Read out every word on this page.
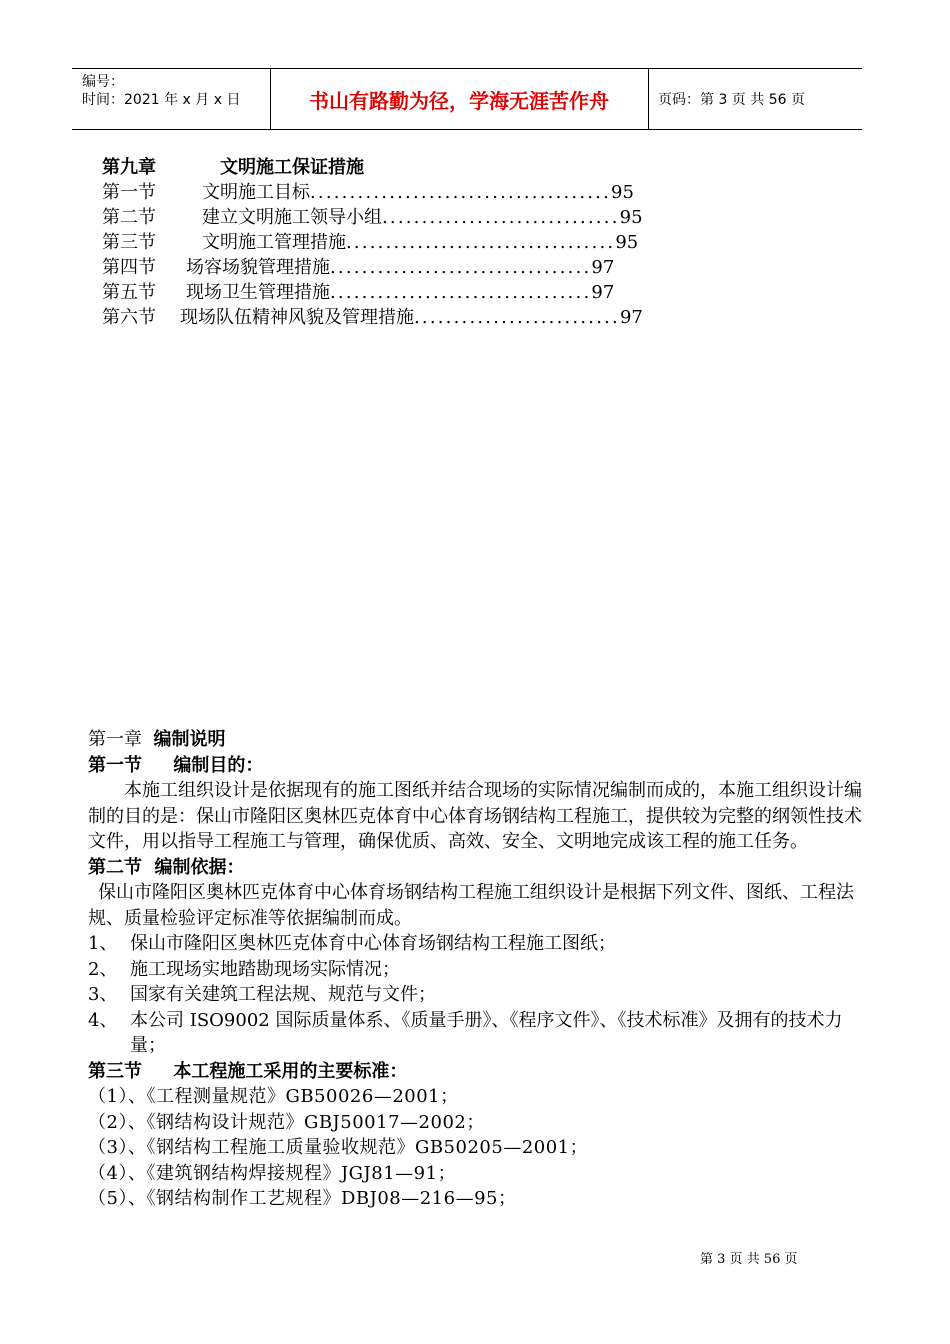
编号：
时间：2021 年 x 月 x 日	书山有路勤为径，学海无涯苦作舟	页码：第 3 页 共 56 页
第九章	文明施工保证措施
第一节	文明施工目标......................................95
第二节	建立文明施工领导小组..............................95
第三节	文明施工管理措施..................................95
第四节 场容场貌管理措施.................................97
第五节 现场卫生管理措施.................................97
第六节 现场队伍精神风貌及管理措施..........................97
第一章 编制说明
第一节 编制目的：

本施工组织设计是依据现有的施工图纸并结合现场的实际情况编制而成的，本施工组织设计编制的目的是：保山市隆阳区奥林匹克体育中心体育场钢结构工程施工，提供较为完整的纲领性技术文件，用以指导工程施工与管理，确保优质、高效、安全、文明地完成该工程的施工任务。

第二节 编制依据：

保山市隆阳区奥林匹克体育中心体育场钢结构工程施工组织设计是根据下列文件、图纸、工程法规、质量检验评定标准等依据编制而成。

1、 保山市隆阳区奥林匹克体育中心体育场钢结构工程施工图纸；

2、 施工现场实地踏勘现场实际情况；

3、 国家有关建筑工程法规、规范与文件；

4、 本公司 ISO9002 国际质量体系、《质量手册》、《程序文件》、《技术标准》及拥有的技术力量；

第三节 本工程施工采用的主要标准：

（1）、《工程测量规范》GB50026—2001；

（2）、《钢结构设计规范》GBJ50017—2002；

（3）、《钢结构工程施工质量验收规范》GB50205—2001；

（4）、《建筑钢结构焊接规程》JGJ81—91；

（5）、《钢结构制作工艺规程》DBJ08—216—95；

第 3 页 共 56 页
